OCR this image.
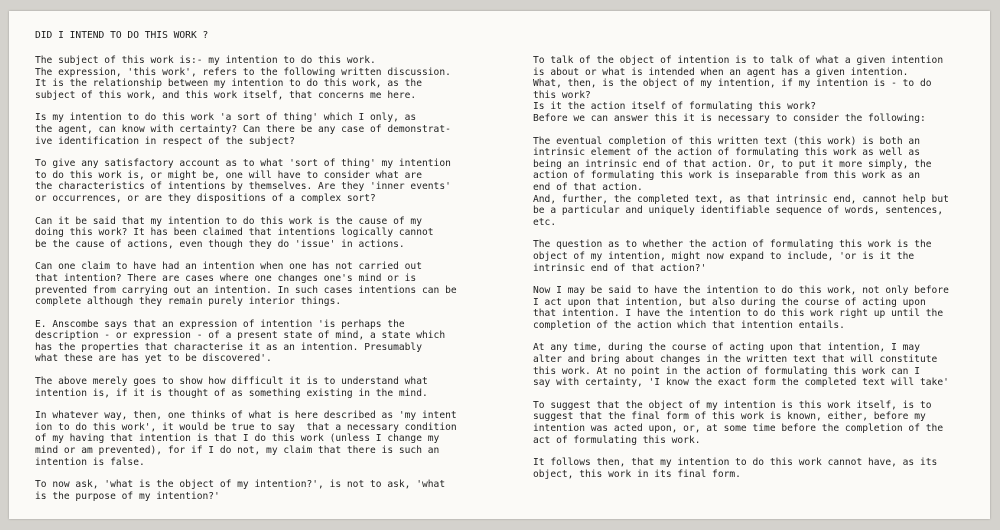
DID I INTEND TO DO THIS WORK ?
The subject of this work is:- my intention to do this work.
The expression, 'this work', refers to the following written discussion.
It is the relationship between my intention to do this work, as the
subject of this work, and this work itself, that concerns me here.
Is my intention to do this work 'a sort of thing' which I only, as
the agent, can know with certainty? Can there be any case of demonstrat-
ive identification in respect of the subject?
To give any satisfactory account as to what 'sort of thing' my intention
to do this work is, or might be, one will have to consider what are
the characteristics of intentions by themselves. Are they 'inner events'
or occurrences, or are they dispositions of a complex sort?
Can it be said that my intention to do this work is the cause of my
doing this work? It has been claimed that intentions logically cannot
be the cause of actions, even though they do 'issue' in actions.
Can one claim to have had an intention when one has not carried out
that intention? There are cases where one changes one's mind or is
prevented from carrying out an intention. In such cases intentions can be
complete although they remain purely interior things.
E. Anscombe says that an expression of intention 'is perhaps the
description - or expression - of a present state of mind, a state which
has the properties that characterise it as an intention. Presumably
what these are has yet to be discovered'.
The above merely goes to show how difficult it is to understand what
intention is, if it is thought of as something existing in the mind.
In whatever way, then, one thinks of what is here described as 'my intent
ion to do this work', it would be true to say  that a necessary condition
of my having that intention is that I do this work (unless I change my
mind or am prevented), for if I do not, my claim that there is such an
intention is false.
To now ask, 'what is the object of my intention?', is not to ask, 'what
is the purpose of my intention?'
To talk of the object of intention is to talk of what a given intention
is about or what is intended when an agent has a given intention.
What, then, is the object of my intention, if my intention is - to do
this work?
Is it the action itself of formulating this work?
Before we can answer this it is necessary to consider the following:
The eventual completion of this written text (this work) is both an
intrinsic element of the action of formulating this work as well as
being an intrinsic end of that action. Or, to put it more simply, the
action of formulating this work is inseparable from this work as an
end of that action.
And, further, the completed text, as that intrinsic end, cannot help but
be a particular and uniquely identifiable sequence of words, sentences,
etc.
The question as to whether the action of formulating this work is the
object of my intention, might now expand to include, 'or is it the
intrinsic end of that action?'
Now I may be said to have the intention to do this work, not only before
I act upon that intention, but also during the course of acting upon
that intention. I have the intention to do this work right up until the
completion of the action which that intention entails.
At any time, during the course of acting upon that intention, I may
alter and bring about changes in the written text that will constitute
this work. At no point in the action of formulating this work can I
say with certainty, 'I know the exact form the completed text will take'
To suggest that the object of my intention is this work itself, is to
suggest that the final form of this work is known, either, before my
intention was acted upon, or, at some time before the completion of the
act of formulating this work.
It follows then, that my intention to do this work cannot have, as its
object, this work in its final form.
